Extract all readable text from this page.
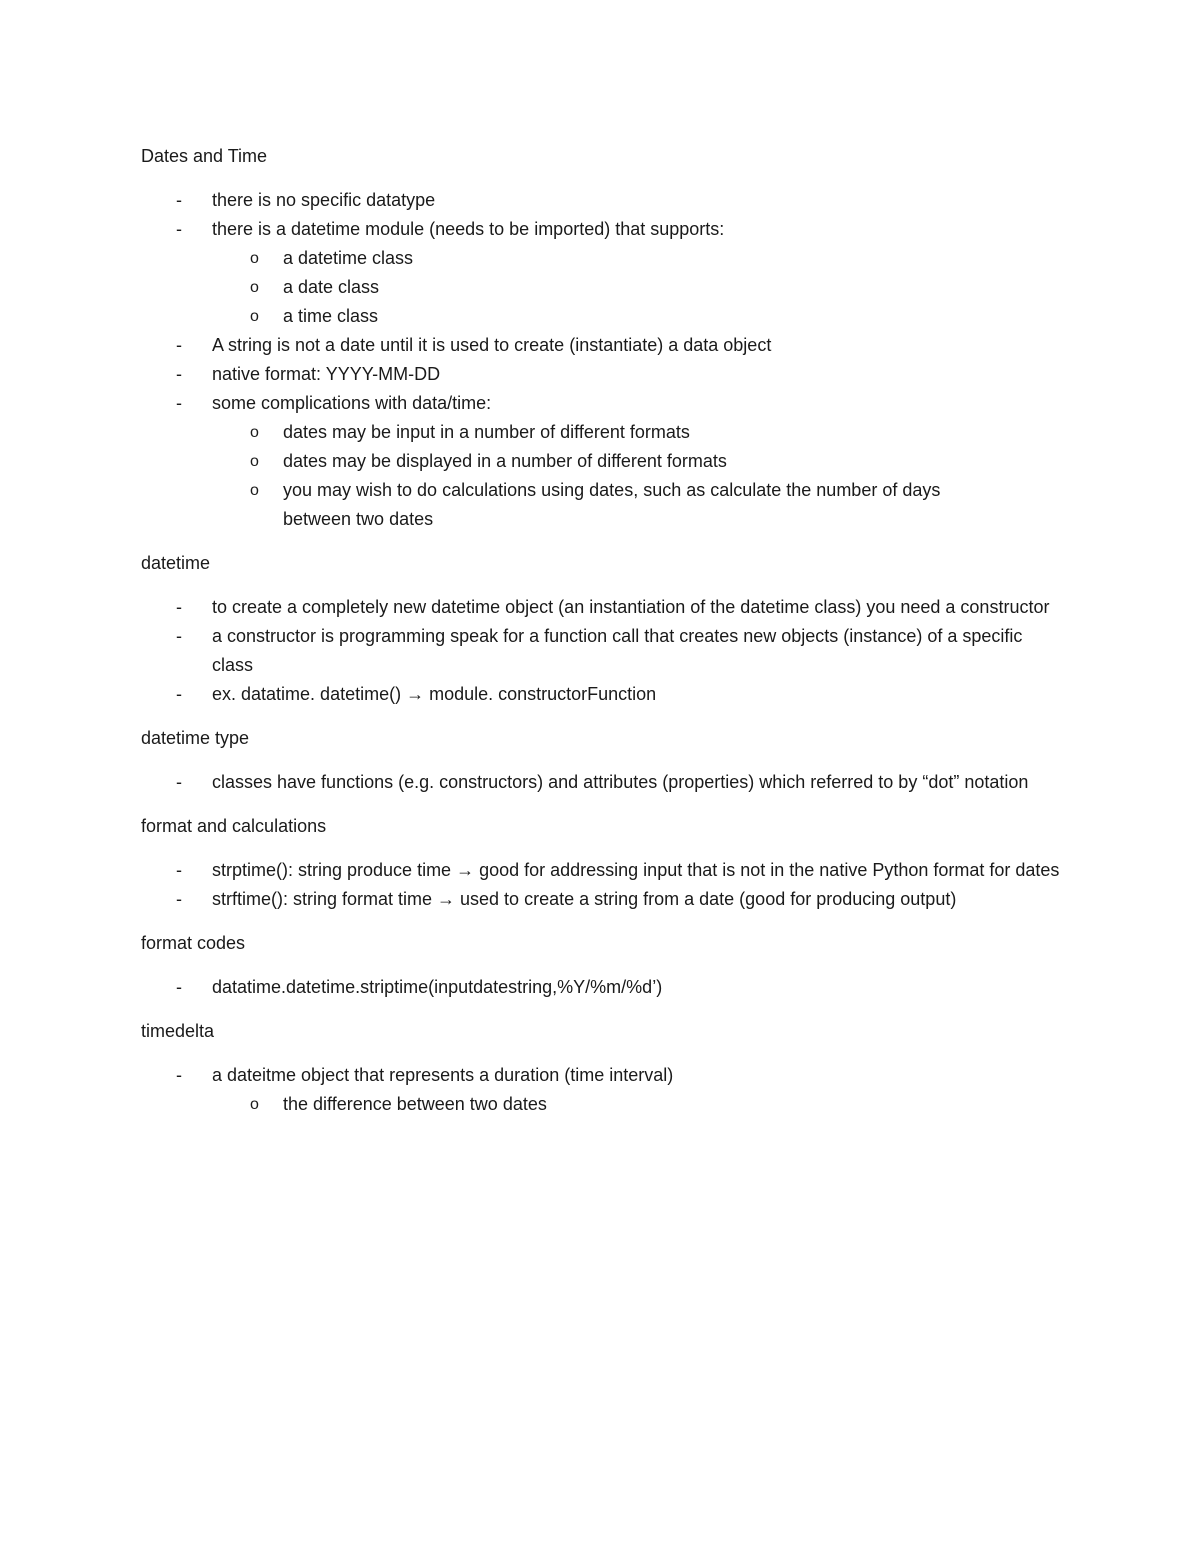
Dates and Time

-	there is no specific datatype
-	there is a datetime module (needs to be imported) that supports:
o a datetime class
o a date class
o a time class
-	A string is not a date until it is used to create (instantiate) a data object
-	native format: YYYY-MM-DD
-	some complications with data/time:
o dates may be input in a number of different formats
o dates may be displayed in a number of different formats
o you may wish to do calculations using dates, such as calculate the number of days between two dates

datetime

-	to create a completely new datetime object (an instantiation of the datetime class) you need a constructor
-	a constructor is programming speak for a function call that creates new objects (instance) of a specific class
-	ex. datatime. datetime() → module. constructorFunction

datetime type

-	classes have functions (e.g. constructors) and attributes (properties) which referred to by “dot” notation

format and calculations

-	strptime(): string produce time → good for addressing input that is not in the native Python format for dates
-	strftime(): string format time → used to create a string from a date (good for producing output)

format codes

-	datatime.datetime.striptime(inputdatestring,%Y/%m/%d’)

timedelta

-	a dateitme object that represents a duration (time interval)
o the difference between two dates
